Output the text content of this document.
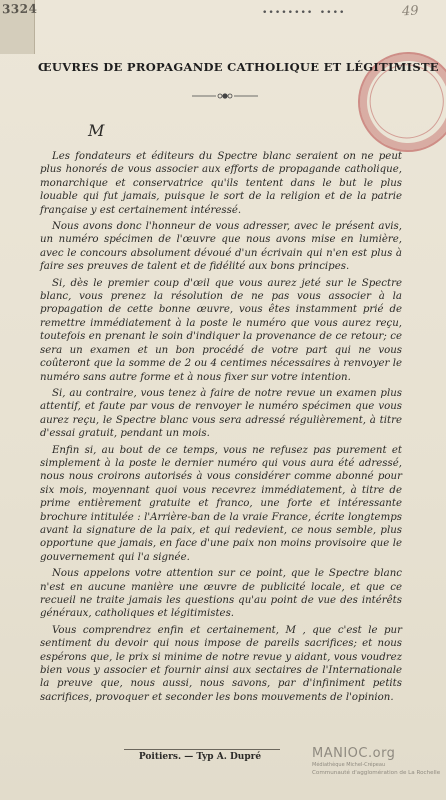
3324	•••••••• ••••	49
ŒUVRES DE PROPAGANDE CATHOLIQUE ET LÉGITIMISTE
M

Les fondateurs et éditeurs du Spectre blanc seraient on ne peut plus honorés de vous associer aux efforts de propagande catholique, monarchique et conservatrice qu'ils tentent dans le but le plus louable qui fut jamais, puisque le sort de la religion et de la patrie française y est certainement intéressé.

Nous avons donc l'honneur de vous adresser, avec le présent avis, un numéro spécimen de l'œuvre que nous avons mise en lumière, avec le concours absolument dévoué d'un écrivain qui n'en est plus à faire ses preuves de talent et de fidélité aux bons principes.

Si, dès le premier coup d'œil que vous aurez jeté sur le Spectre blanc, vous prenez la résolution de ne pas vous associer à la propagation de cette bonne œuvre, vous êtes instamment prié de remettre immédiatement à la poste le numéro que vous aurez reçu, toutefois en prenant le soin d'indiquer la provenance de ce retour; ce sera un examen et un bon procédé de votre part qui ne vous coûteront que la somme de 2 ou 4 centimes nécessaires à renvoyer le numéro sans autre forme et à nous fixer sur votre intention.

Si, au contraire, vous tenez à faire de notre revue un examen plus attentif, et faute par vous de renvoyer le numéro spécimen que vous aurez reçu, le Spectre blanc vous sera adressé régulièrement, à titre d'essai gratuit, pendant un mois.

Enfin si, au bout de ce temps, vous ne refusez pas purement et simplement à la poste le dernier numéro qui vous aura été adressé, nous nous croirons autorisés à vous considérer comme abonné pour six mois, moyennant quoi vous recevrez immédiatement, à titre de prime entièrement gratuite et franco, une forte et intéressante brochure intitulée : l'Arrière-ban de la vraie France, écrite longtemps avant la signature de la paix, et qui redevient, ce nous semble, plus opportune que jamais, en face d'une paix non moins provisoire que le gouvernement qui l'a signée.

Nous appelons votre attention sur ce point, que le Spectre blanc n'est en aucune manière une œuvre de publicité locale, et que ce recueil ne traite jamais les questions qu'au point de vue des intérêts généraux, catholiques et légitimistes.

Vous comprendrez enfin et certainement, M , que c'est le pur sentiment du devoir qui nous impose de pareils sacrifices; et nous espérons que, le prix si minime de notre revue y aidant, vous voudrez bien vous y associer et fournir ainsi aux sectaires de l'Internationale la preuve que, nous aussi, nous savons, par d'infiniment petits sacrifices, provoquer et seconder les bons mouvements de l'opinion.

Poitiers. — Typ A. Dupré	MANIOC.org
Médiathèque Michel-Crépeau
Communauté d'agglomération de La Rochelle
